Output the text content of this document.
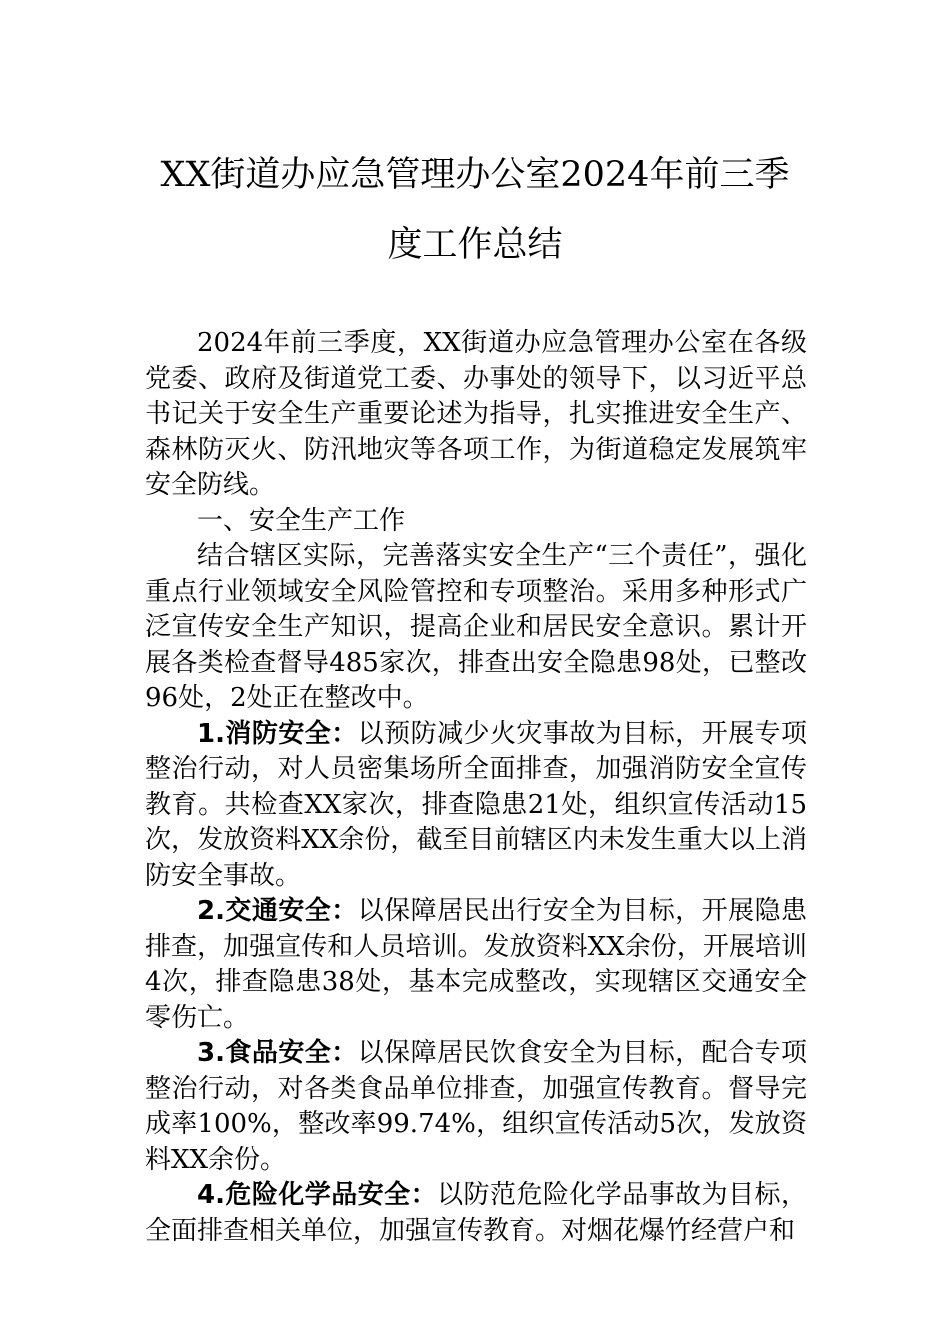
XX街道办应急管理办公室2024年前三季
度工作总结

2024年前三季度，XX街道办应急管理办公室在各级党委、政府及街道党工委、办事处的领导下，以习近平总书记关于安全生产重要论述为指导，扎实推进安全生产、森林防灭火、防汛地灾等各项工作，为街道稳定发展筑牢安全防线。

一、安全生产工作

结合辖区实际，完善落实安全生产“三个责任”，强化重点行业领域安全风险管控和专项整治。采用多种形式广泛宣传安全生产知识，提高企业和居民安全意识。累计开展各类检查督导485家次，排查出安全隐患98处，已整改96处，2处正在整改中。

1.消防安全：以预防减少火灾事故为目标，开展专项整治行动，对人员密集场所全面排查，加强消防安全宣传教育。共检查XX家次，排查隐患21处，组织宣传活动15次，发放资料XX余份，截至目前辖区内未发生重大以上消防安全事故。

2.交通安全：以保障居民出行安全为目标，开展隐患排查，加强宣传和人员培训。发放资料XX余份，开展培训4次，排查隐患38处，基本完成整改，实现辖区交通安全零伤亡。

3.食品安全：以保障居民饮食安全为目标，配合专项整治行动，对各类食品单位排查，加强宣传教育。督导完成率100%，整改率99.74%，组织宣传活动5次，发放资料XX余份。

4.危险化学品安全：以防范危险化学品事故为目标，全面排查相关单位，加强宣传教育。对烟花爆竹经营户和
